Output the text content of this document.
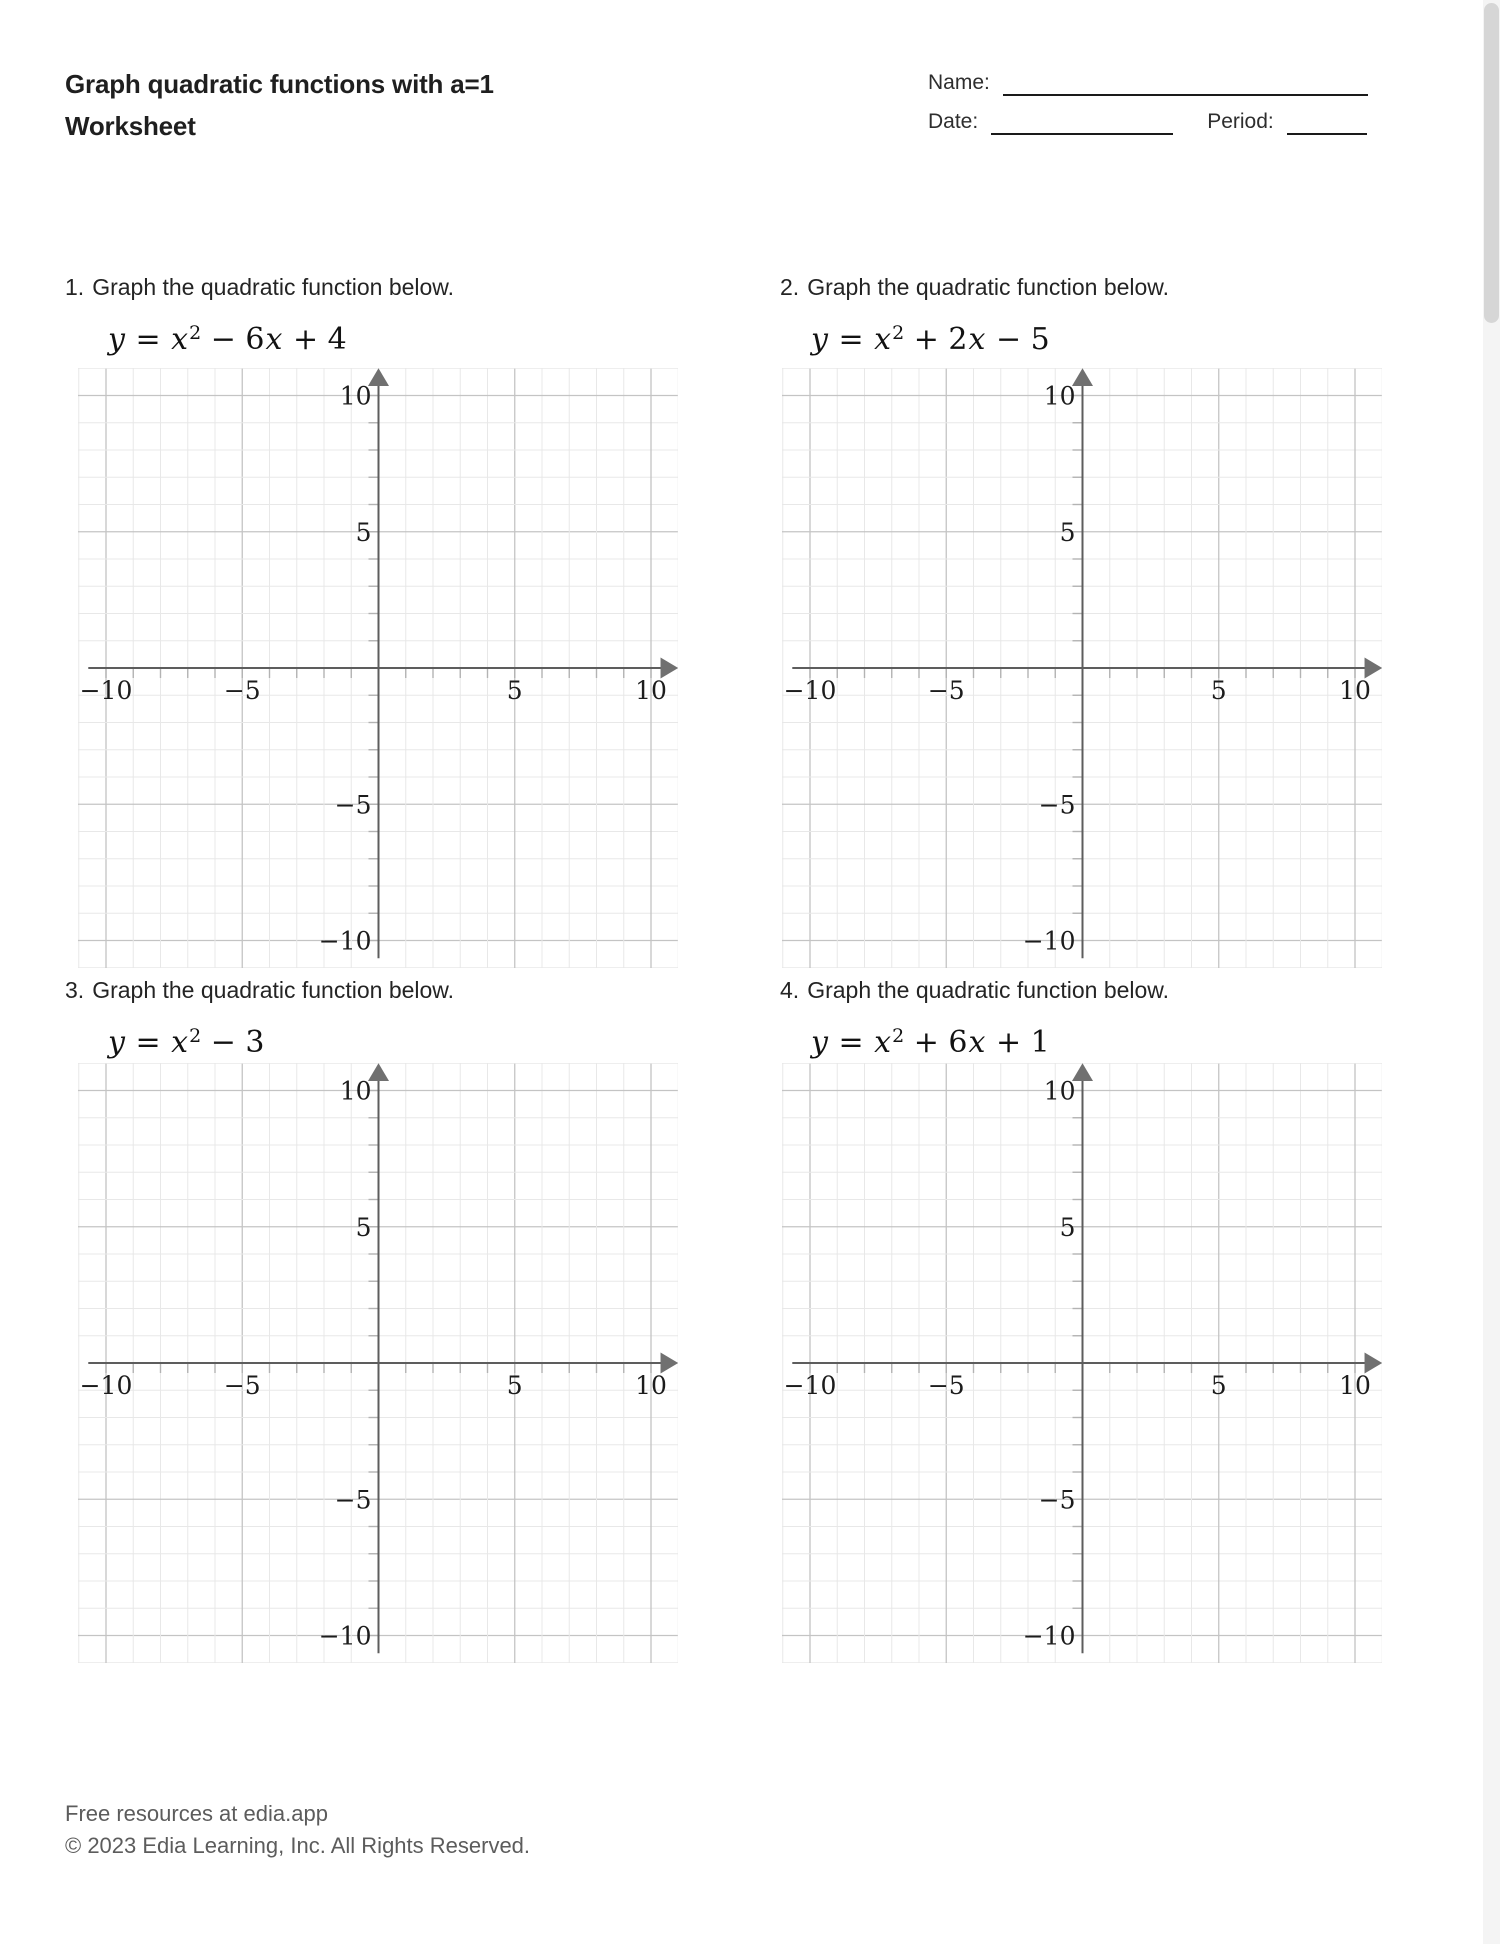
Graph quadratic functions with a=1
Worksheet
Name:
Date:	Period:
1. Graph the quadratic function below.
$y = x^2 - 6x + 4$
−10	−5	5	10
10
5
−5
−10
2. Graph the quadratic function below.
$y = x^2 + 2x - 5$
−10	−5	5	10
10
5
−5
−10
3. Graph the quadratic function below.
$y = x^2 - 3$
−10	−5	5	10
10
5
−5
−10
4. Graph the quadratic function below.
$y = x^2 + 6x + 1$
−10	−5	5	10
10
5
−5
−10
Free resources at edia.app
© 2023 Edia Learning, Inc. All Rights Reserved.
